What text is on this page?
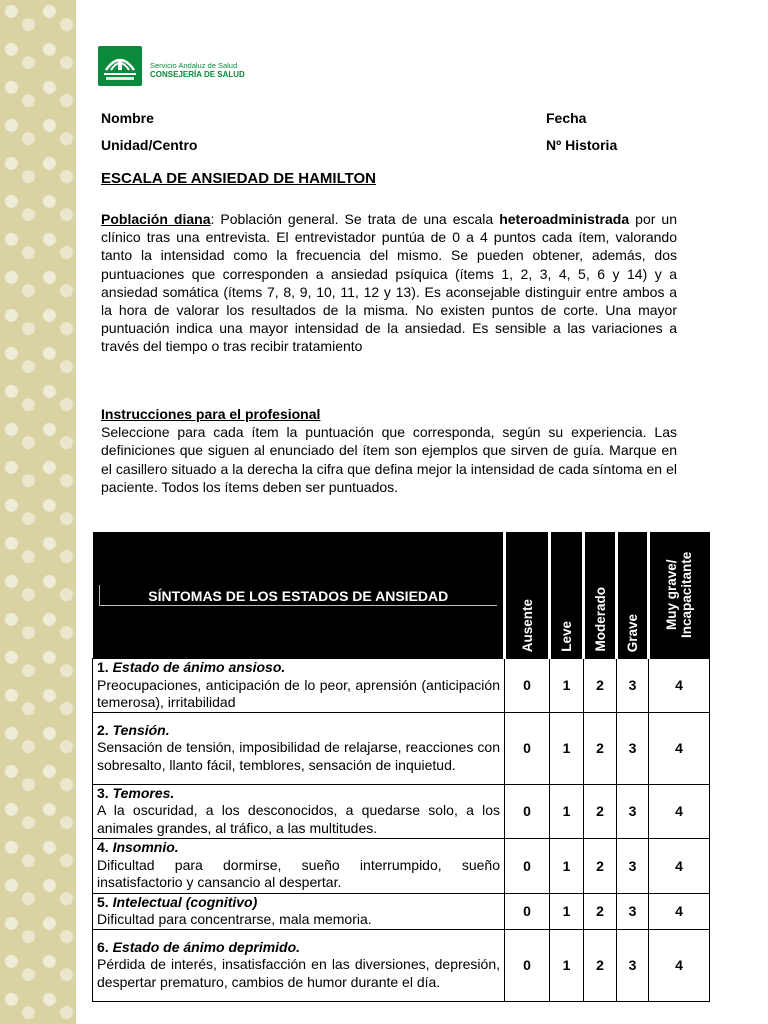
Servicio Andaluz de Salud
CONSEJERÍA DE SALUD
Nombre	Fecha
Unidad/Centro	Nº Historia
ESCALA DE ANSIEDAD DE HAMILTON
Población diana: Población general. Se trata de una escala heteroadministrada por un clínico tras una entrevista. El entrevistador puntúa de 0 a 4 puntos cada ítem, valorando tanto la intensidad como la frecuencia del mismo. Se pueden obtener, además, dos puntuaciones que corresponden a ansiedad psíquica (ítems 1, 2, 3, 4, 5, 6 y 14) y a ansiedad somática (ítems 7, 8, 9, 10, 11, 12 y 13). Es aconsejable distinguir entre ambos a la hora de valorar los resultados de la misma. No existen puntos de corte. Una mayor puntuación indica una mayor intensidad de la ansiedad. Es sensible a las variaciones a través del tiempo o tras recibir tratamiento
Instrucciones para el profesional
Seleccione para cada ítem la puntuación que corresponda, según su experiencia. Las definiciones que siguen al enunciado del ítem son ejemplos que sirven de guía. Marque en el casillero situado a la derecha la cifra que defina mejor la intensidad de cada síntoma en el paciente. Todos los ítems deben ser puntuados.
SÍNTOMAS DE LOS ESTADOS DE ANSIEDAD	Ausente	Leve	Moderado	Grave	Muy grave/ Incapacitante

1. Estado de ánimo ansioso.
Preocupaciones, anticipación de lo peor, aprensión (anticipación temerosa), irritabilidad	0	1	2	3	4
2. Tensión.
Sensación de tensión, imposibilidad de relajarse, reacciones con sobresalto, llanto fácil, temblores, sensación de inquietud.	0	1	2	3	4
3. Temores.
A la oscuridad, a los desconocidos, a quedarse solo, a los animales grandes, al tráfico, a las multitudes.	0	1	2	3	4
4. Insomnio.
Dificultad para dormirse, sueño interrumpido, sueño insatisfactorio y cansancio al despertar.	0	1	2	3	4
5. Intelectual (cognitivo)
Dificultad para concentrarse, mala memoria.	0	1	2	3	4
6. Estado de ánimo deprimido.
Pérdida de interés, insatisfacción en las diversiones, depresión, despertar prematuro, cambios de humor durante el día.	0	1	2	3	4
